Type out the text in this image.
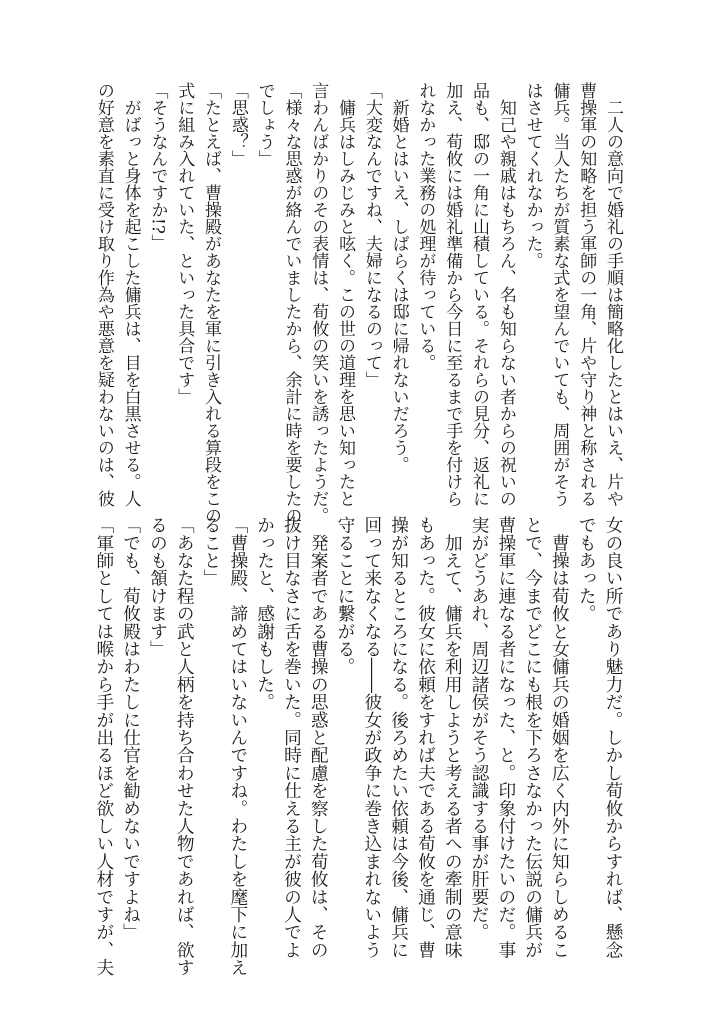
　二人の意向で婚礼の手順は簡略化したとはいえ、片や
曹操軍の知略を担う軍師の一角、片や守り神と称される
傭兵。当人たちが質素な式を望んでいても、周囲がそう
はさせてくれなかった。
　知己や親戚はもちろん、名も知らない者からの祝いの
品も、邸の一角に山積している。それらの見分、返礼に
加え、荀攸には婚礼準備から今日に至るまで手を付けら
れなかった業務の処理が待っている。
　新婚とはいえ、しばらくは邸に帰れないだろう。
「大変なんですね、夫婦になるのって」
　傭兵はしみじみと呟く。この世の道理を思い知ったと
言わんばかりのその表情は、荀攸の笑いを誘ったようだ。
「様々な思惑が絡んでいましたから、余計に時を要したの
でしょう」
「思惑？」
「たとえば、曹操殿があなたを軍に引き入れる算段をこの
式に組み入れていた、といった具合です」
「そうなんですか!?」
　がばっと身体を起こした傭兵は、目を白黒させる。人
の好意を素直に受け取り作為や悪意を疑わないのは、彼
女の良い所であり魅力だ。しかし荀攸からすれば、懸念
でもあった。
　曹操は荀攸と女傭兵の婚姻を広く内外に知らしめるこ
とで、今までどこにも根を下ろさなかった伝説の傭兵が
曹操軍に連なる者になった、と。印象付けたいのだ。事
実がどうあれ、周辺諸侯がそう認識する事が肝要だ。
　加えて、傭兵を利用しようと考える者への牽制の意味
もあった。彼女に依頼をすれば夫である荀攸を通じ、曹
操が知るところになる。後ろめたい依頼は今後、傭兵に
回って来なくなる――彼女が政争に巻き込まれないよう
守ることに繋がる。
　発案者である曹操の思惑と配慮を察した荀攸は、その
抜け目なさに舌を巻いた。同時に仕える主が彼の人でよ
かったと、感謝もした。
「曹操殿、諦めてはいないんですね。わたしを麾下に加え
ること」
「あなた程の武と人柄を持ち合わせた人物であれば、欲す
るのも頷けます」
「でも、荀攸殿はわたしに仕官を勧めないですよね」
「軍師としては喉から手が出るほど欲しい人材ですが、夫
